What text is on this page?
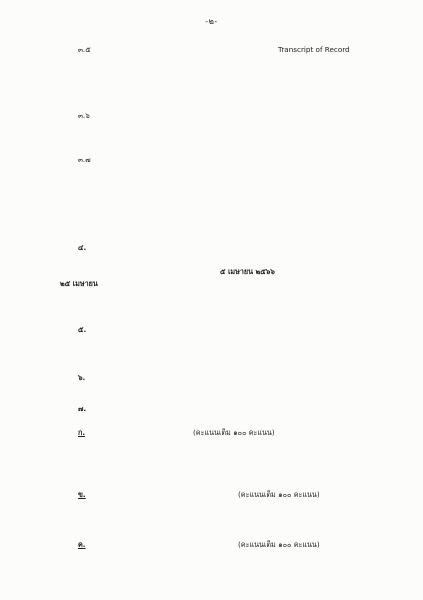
-๒-
๓.๕	Transcript of Record
๓.๖
๓.๗
๔.
๕ เมษายน ๒๕๖๖
๒๕ เมษายน
๕.
๖.
๗.
ก.	(คะแนนเต็ม ๑๐๐ คะแนน)
ข.	(คะแนนเต็ม ๑๐๐ คะแนน)
ค.	(คะแนนเต็ม ๑๐๐ คะแนน)
